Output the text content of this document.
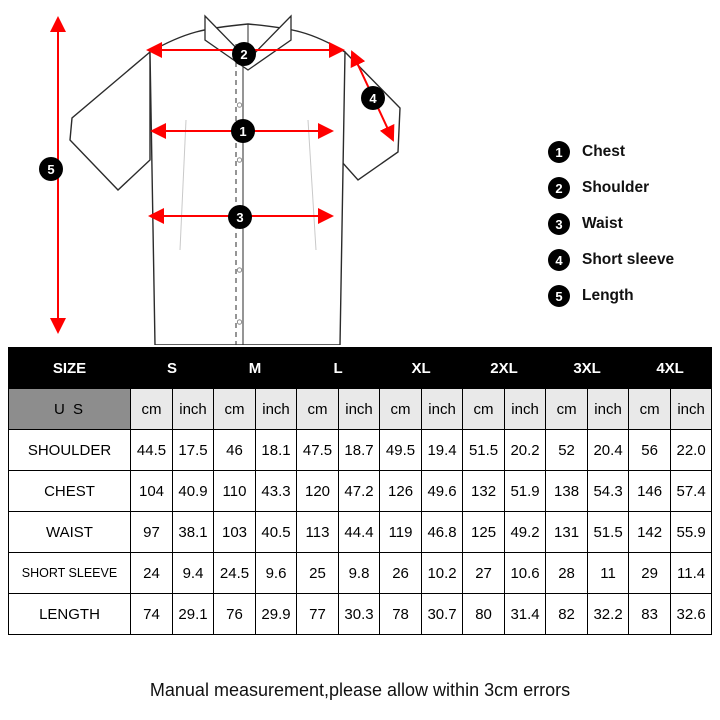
2
1
3
4
5
1	Chest
2	Shoulder
3	Waist
4	Short sleeve
5	Length
SIZE	S		M		L		XL		2XL		3XL		4XL	
U S	cm	inch	cm	inch	cm	inch	cm	inch	cm	inch	cm	inch	cm	inch
SHOULDER	44.5	17.5	46	18.1	47.5	18.7	49.5	19.4	51.5	20.2	52	20.4	56	22.0
CHEST	104	40.9	110	43.3	120	47.2	126	49.6	132	51.9	138	54.3	146	57.4
WAIST	97	38.1	103	40.5	113	44.4	119	46.8	125	49.2	131	51.5	142	55.9
SHORT SLEEVE	24	9.4	24.5	9.6	25	9.8	26	10.2	27	10.6	28	11	29	11.4
LENGTH	74	29.1	76	29.9	77	30.3	78	30.7	80	31.4	82	32.2	83	32.6
Manual measurement,please allow within 3cm errors
